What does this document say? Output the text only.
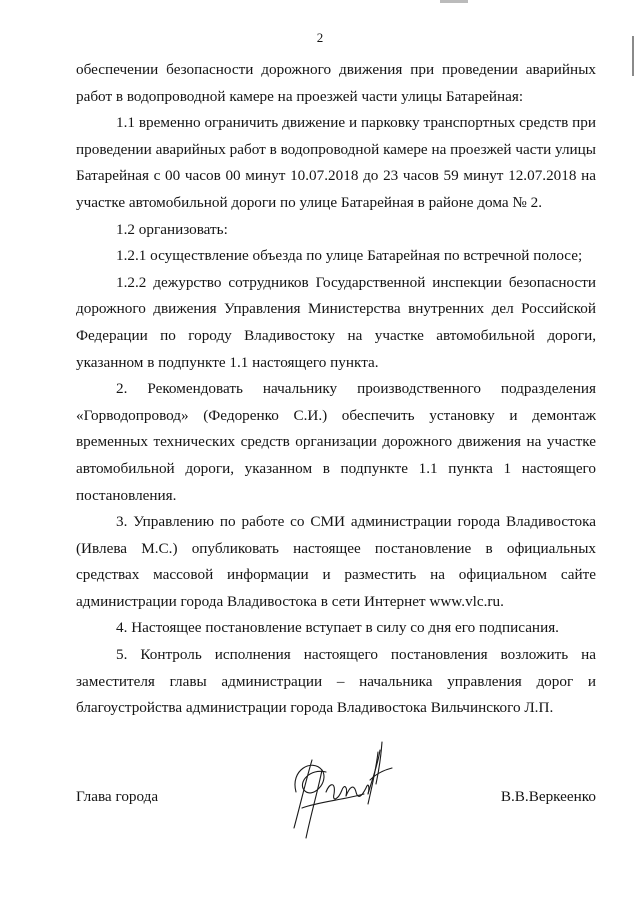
2

обеспечении безопасности дорожного движения при проведении аварийных работ в водопроводной камере на проезжей части улицы Батарейная:

1.1 временно ограничить движение и парковку транспортных средств при проведении аварийных работ в водопроводной камере на проезжей части улицы Батарейная с 00 часов 00 минут 10.07.2018 до 23 часов 59 минут 12.07.2018 на участке автомобильной дороги по улице Батарейная в районе дома № 2.

1.2 организовать:

1.2.1 осуществление объезда по улице Батарейная по встречной полосе;

1.2.2 дежурство сотрудников Государственной инспекции безопасности дорожного движения Управления Министерства внутренних дел Российской Федерации по городу Владивостоку на участке автомобильной дороги, указанном в подпункте 1.1 настоящего пункта.

2. Рекомендовать начальнику производственного подразделения «Горводопровод» (Федоренко С.И.) обеспечить установку и демонтаж временных технических средств организации дорожного движения на участке автомобильной дороги, указанном в подпункте 1.1 пункта 1 настоящего постановления.

3. Управлению по работе со СМИ администрации города Владивостока (Ивлева М.С.) опубликовать настоящее постановление в официальных средствах массовой информации и разместить на официальном сайте администрации города Владивостока в сети Интернет www.vlc.ru.

4. Настоящее постановление вступает в силу со дня его подписания.

5. Контроль исполнения настоящего постановления возложить на заместителя главы администрации – начальника управления дорог и благоустройства администрации города Владивостока Вильчинского Л.П.

Глава города	В.В.Веркеенко
